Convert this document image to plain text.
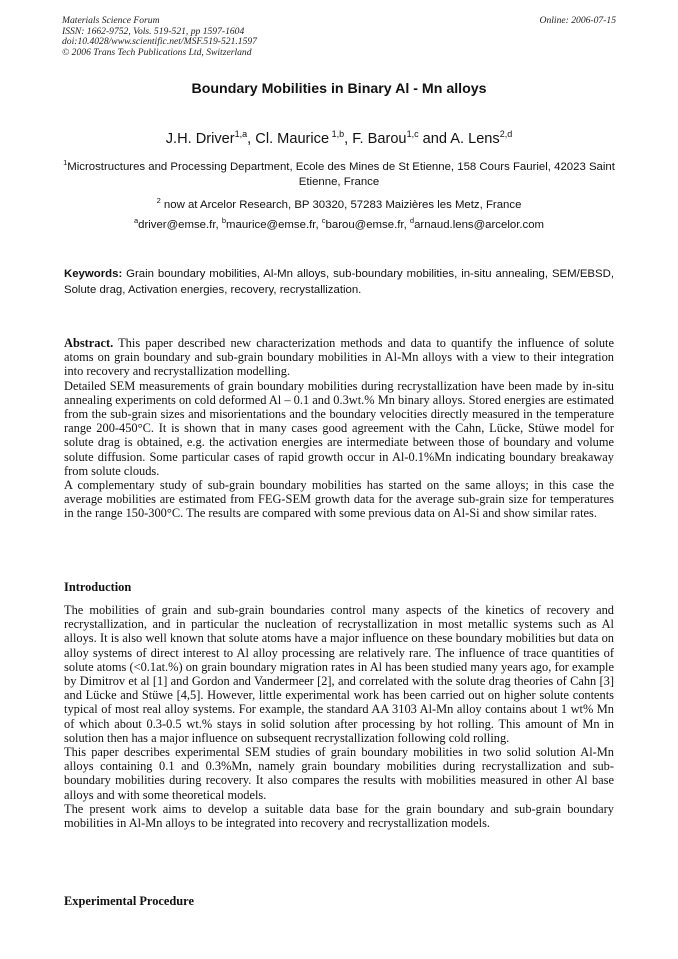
Materials Science Forum
ISSN: 1662-9752, Vols. 519-521, pp 1597-1604
doi:10.4028/www.scientific.net/MSF.519-521.1597
© 2006 Trans Tech Publications Ltd, Switzerland
Online: 2006-07-15
Boundary Mobilities in Binary Al - Mn alloys
J.H. Driver$^{1,a}$, Cl. Maurice $^{1,b}$, F. Barou$^{1,c}$ and A. Lens$^{2,d}$
$^1$Microstructures and Processing Department, Ecole des Mines de St Etienne, 158 Cours Fauriel, 42023 Saint Etienne, France
$^2$ now at Arcelor Research, BP 30320, 57283 Maizières les Metz, France
$^a$driver@emse.fr, $^b$maurice@emse.fr, $^c$barou@emse.fr, $^d$arnaud.lens@arcelor.com
Keywords: Grain boundary mobilities, Al-Mn alloys, sub-boundary mobilities, in-situ annealing, SEM/EBSD, Solute drag, Activation energies, recovery, recrystallization.

Abstract. This paper described new characterization methods and data to quantify the influence of solute atoms on grain boundary and sub-grain boundary mobilities in Al-Mn alloys with a view to their integration into recovery and recrystallization modelling.

Detailed SEM measurements of grain boundary mobilities during recrystallization have been made by in-situ annealing experiments on cold deformed Al – 0.1 and 0.3wt.% Mn binary alloys. Stored energies are estimated from the sub-grain sizes and misorientations and the boundary velocities directly measured in the temperature range 200-450°C. It is shown that in many cases good agreement with the Cahn, Lücke, Stüwe model for solute drag is obtained, e.g. the activation energies are intermediate between those of boundary and volume solute diffusion. Some particular cases of rapid growth occur in Al-0.1%Mn indicating boundary breakaway from solute clouds.

A complementary study of sub-grain boundary mobilities has started on the same alloys; in this case the average mobilities are estimated from FEG-SEM growth data for the average sub-grain size for temperatures in the range 150-300°C. The results are compared with some previous data on Al-Si and show similar rates.

Introduction

The mobilities of grain and sub-grain boundaries control many aspects of the kinetics of recovery and recrystallization, and in particular the nucleation of recrystallization in most metallic systems such as Al alloys. It is also well known that solute atoms have a major influence on these boundary mobilities but data on alloy systems of direct interest to Al alloy processing are relatively rare. The influence of trace quantities of solute atoms (<0.1at.%) on grain boundary migration rates in Al has been studied many years ago, for example by Dimitrov et al [1] and Gordon and Vandermeer [2], and correlated with the solute drag theories of Cahn [3] and Lücke and Stüwe [4,5]. However, little experimental work has been carried out on higher solute contents typical of most real alloy systems. For example, the standard AA 3103 Al-Mn alloy contains about 1 wt% Mn of which about 0.3-0.5 wt.% stays in solid solution after processing by hot rolling. This amount of Mn in solution then has a major influence on subsequent recrystallization following cold rolling.

This paper describes experimental SEM studies of grain boundary mobilities in two solid solution Al-Mn alloys containing 0.1 and 0.3%Mn, namely grain boundary mobilities during recrystallization and sub-boundary mobilities during recovery. It also compares the results with mobilities measured in other Al base alloys and with some theoretical models.

The present work aims to develop a suitable data base for the grain boundary and sub-grain boundary mobilities in Al-Mn alloys to be integrated into recovery and recrystallization models.

Experimental Procedure
